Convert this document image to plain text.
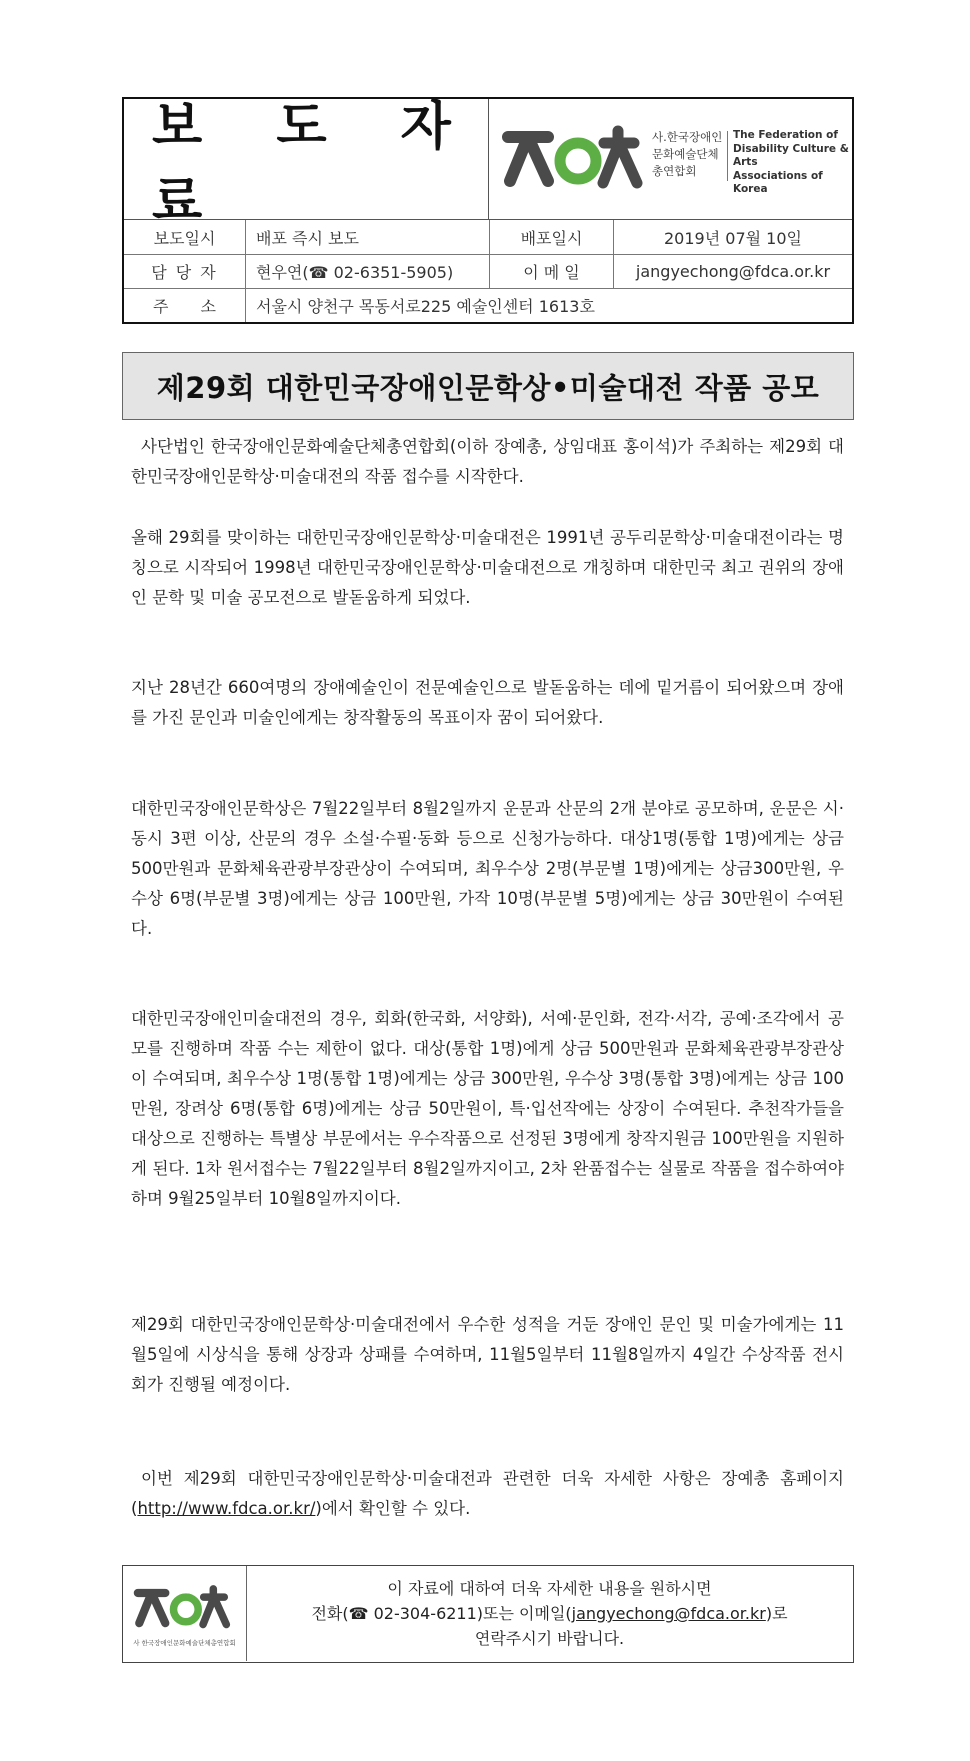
보 도 자 료
사.한국장애인
문화예술단체
총연합회
The Federation of
Disability Culture & Arts
Associations of
Korea
보도일시	배포 즉시 보도	배포일시	2019년 07월 10일
담 당 자	현우연(☎ 02-6351-5905)	이 메 일	jangyechong@fdca.or.kr
주　　소	서울시 양천구 목동서로225 예술인센터 1613호
제29회 대한민국장애인문학상•미술대전 작품 공모

사단법인 한국장애인문화예술단체총연합회(이하 장예총, 상임대표 홍이석)가 주최하는 제29회 대한민국장애인문학상·미술대전의 작품 접수를 시작한다.

올해 29회를 맞이하는 대한민국장애인문학상·미술대전은 1991년 공두리문학상·미술대전이라는 명칭으로 시작되어 1998년 대한민국장애인문학상·미술대전으로 개칭하며 대한민국 최고 권위의 장애인 문학 및 미술 공모전으로 발돋움하게 되었다.

지난 28년간 660여명의 장애예술인이 전문예술인으로 발돋움하는 데에 밑거름이 되어왔으며 장애를 가진 문인과 미술인에게는 창작활동의 목표이자 꿈이 되어왔다.

대한민국장애인문학상은 7월22일부터 8월2일까지 운문과 산문의 2개 분야로 공모하며, 운문은 시·동시 3편 이상, 산문의 경우 소설·수필·동화 등으로 신청가능하다. 대상1명(통합 1명)에게는 상금 500만원과 문화체육관광부장관상이 수여되며, 최우수상 2명(부문별 1명)에게는 상금300만원, 우수상 6명(부문별 3명)에게는 상금 100만원, 가작 10명(부문별 5명)에게는 상금 30만원이 수여된다.

대한민국장애인미술대전의 경우, 회화(한국화, 서양화), 서예·문인화, 전각·서각, 공예·조각에서 공모를 진행하며 작품 수는 제한이 없다. 대상(통합 1명)에게 상금 500만원과 문화체육관광부장관상이 수여되며, 최우수상 1명(통합 1명)에게는 상금 300만원, 우수상 3명(통합 3명)에게는 상금 100만원, 장려상 6명(통합 6명)에게는 상금 50만원이, 특·입선작에는 상장이 수여된다. 추천작가들을 대상으로 진행하는 특별상 부문에서는 우수작품으로 선정된 3명에게 창작지원금 100만원을 지원하게 된다. 1차 원서접수는 7월22일부터 8월2일까지이고, 2차 완품접수는 실물로 작품을 접수하여야 하며 9월25일부터 10월8일까지이다.

제29회 대한민국장애인문학상·미술대전에서 우수한 성적을 거둔 장애인 문인 및 미술가에게는 11월5일에 시상식을 통해 상장과 상패를 수여하며, 11월5일부터 11월8일까지 4일간 수상작품 전시회가 진행될 예정이다.

이번 제29회 대한민국장애인문학상·미술대전과 관련한 더욱 자세한 사항은 장예총 홈페이지(http://www.fdca.or.kr/)에서 확인할 수 있다.

사 한국장애인문화예술단체총연합회
이 자료에 대하여 더욱 자세한 내용을 원하시면
전화(☎ 02-304-6211)또는 이메일(jangyechong@fdca.or.kr)로
연락주시기 바랍니다.
